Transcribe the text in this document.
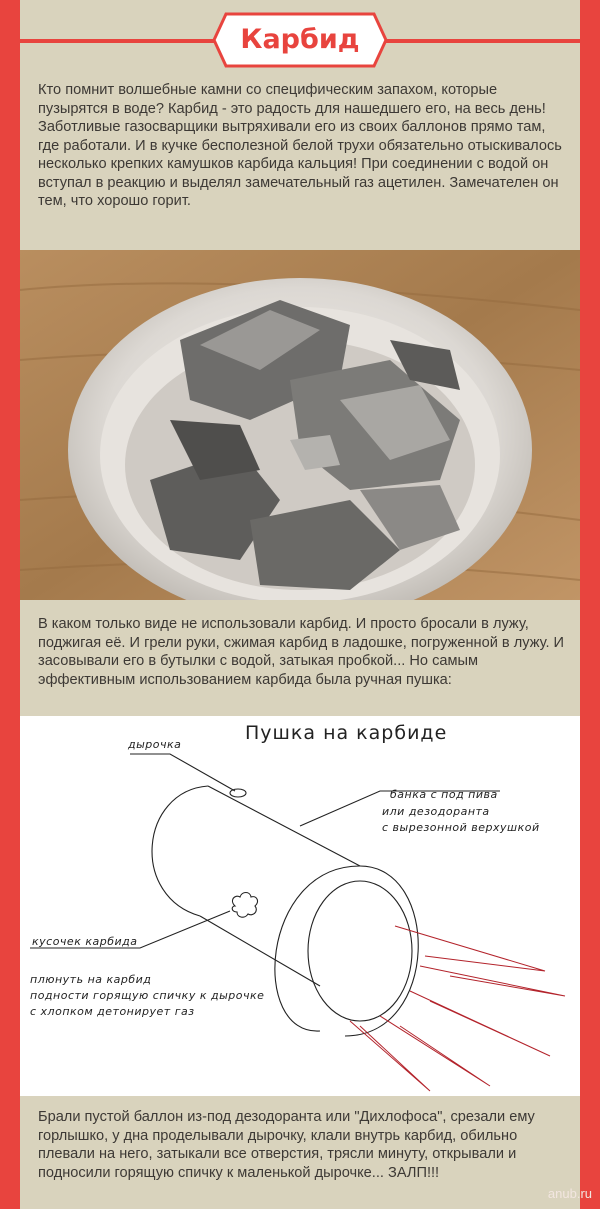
Карбид

Кто помнит волшебные камни со специфическим запахом, которые пузырятся в воде? Карбид - это радость для нашедшего его, на весь день! Заботливые газосварщики вытряхивали его из своих баллонов прямо там, где работали. И в кучке бесполезной белой трухи обязательно отыскивалось несколько крепких камушков карбида кальция! При соединении с водой он вступал в реакцию и выделял замечательный газ ацетилен. Замечателен он тем, что хорошо горит.

В каком только виде не использовали карбид. И просто бросали в лужу, поджигая её. И грели руки, сжимая карбид в ладошке, погруженной в лужу. И засовывали его в бутылки с водой, затыкая пробкой... Но самым эффективным использованием карбида была ручная пушка:

Пушка на карбиде
дырочка
банка с под пива
или дезодоранта
с вырезонной верхушкой
кусочек карбида
плюнуть на карбид
подности горящую спичку к дырочке
с хлопком детонирует газ

Брали пустой баллон из-под дезодоранта или "Дихлофоса", срезали ему горлышко, у дна проделывали дырочку, клали внутрь карбид, обильно плевали на него, затыкали все отверстия, трясли минуту, открывали и подносили горящую спичку к маленькой дырочке... ЗАЛП!!!

anub.ru
